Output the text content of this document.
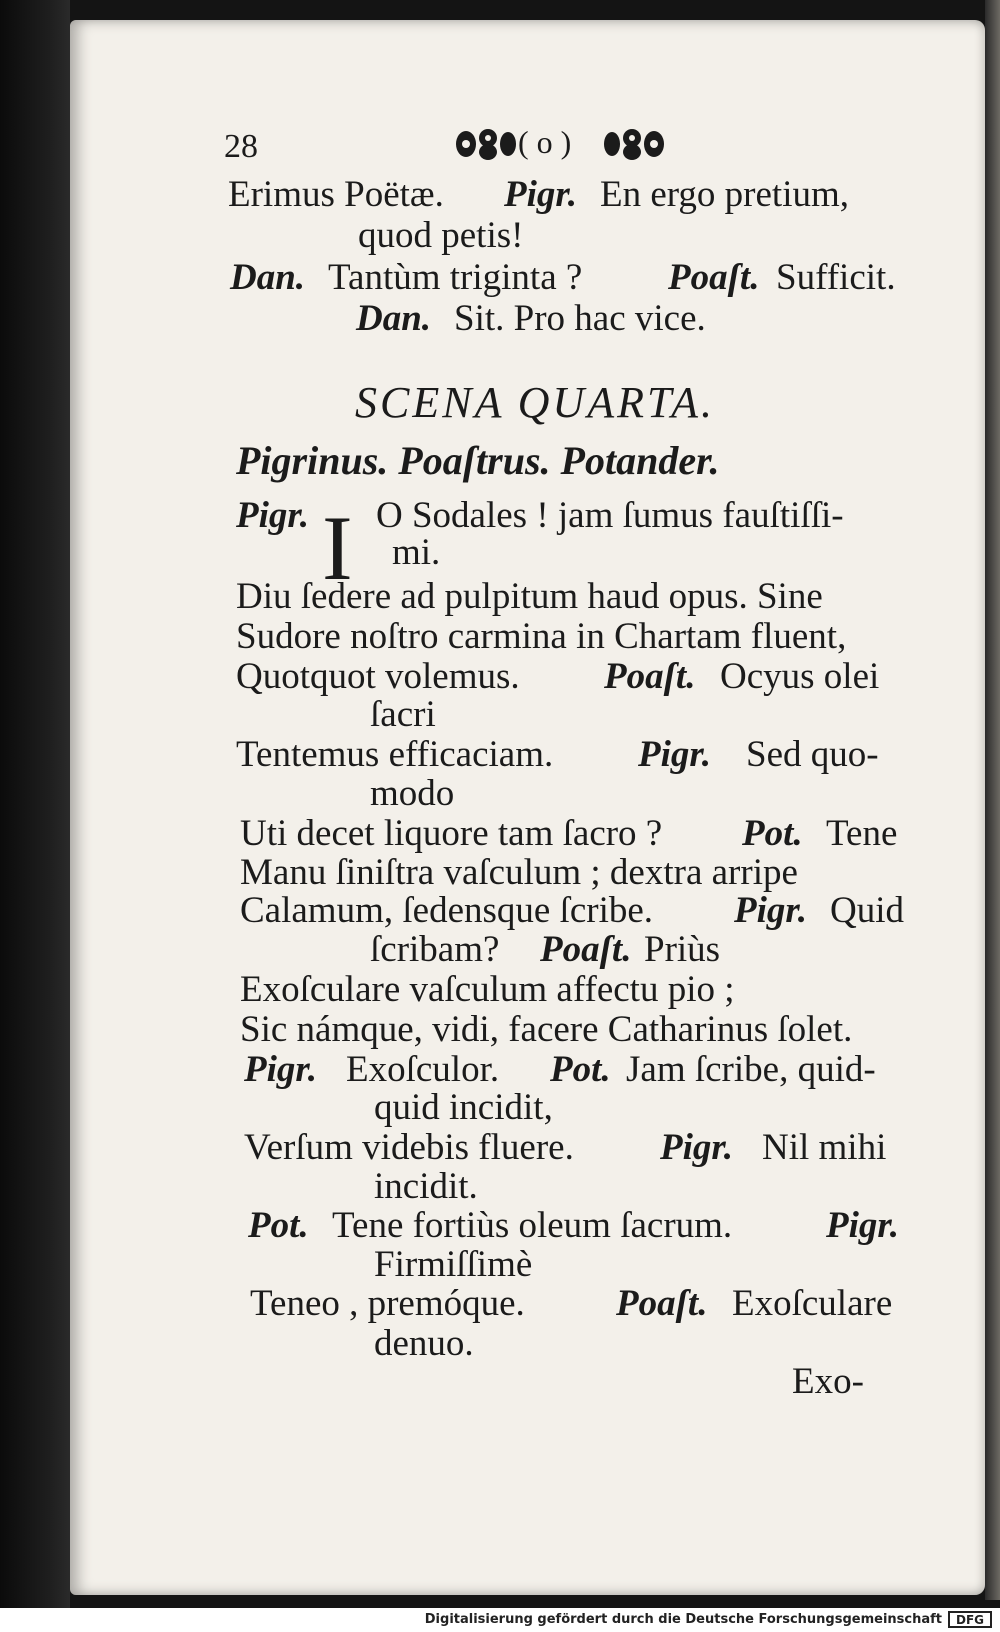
28	( o )
Erimus Poëtæ. Pigr. En ergo pretium,
quod petis!
Dan. Tantùm triginta ? Poaſt. Sufficit.
Dan. Sit. Pro hac vice.
SCENA QUARTA.
Pigrinus. Poaſtrus. Potander.
Pigr. I O Sodales ! jam ſumus fauſtiſſi-
mi.
Diu ſedere ad pulpitum haud opus. Sine
Sudore noſtro carmina in Chartam fluent,
Quotquot volemus. Poaſt. Ocyus olei
ſacri
Tentemus efficaciam. Pigr. Sed quo-
modo
Uti decet liquore tam ſacro ? Pot. Tene
Manu ſiniſtra vaſculum ; dextra arripe
Calamum, ſedensque ſcribe. Pigr. Quid
ſcribam? Poaſt. Priùs
Exoſculare vaſculum affectu pio ;
Sic námque, vidi, facere Catharinus ſolet.
Pigr. Exoſculor. Pot. Jam ſcribe, quid-
quid incidit,
Verſum videbis fluere. Pigr. Nil mihi
incidit.
Pot. Tene fortiùs oleum ſacrum.	Pigr.
Firmiſſimè
Teneo , premóque. Poaſt. Exoſculare
denuo.
Exo-
Digitalisierung gefördert durch die Deutsche Forschungsgemeinschaft	DFG
